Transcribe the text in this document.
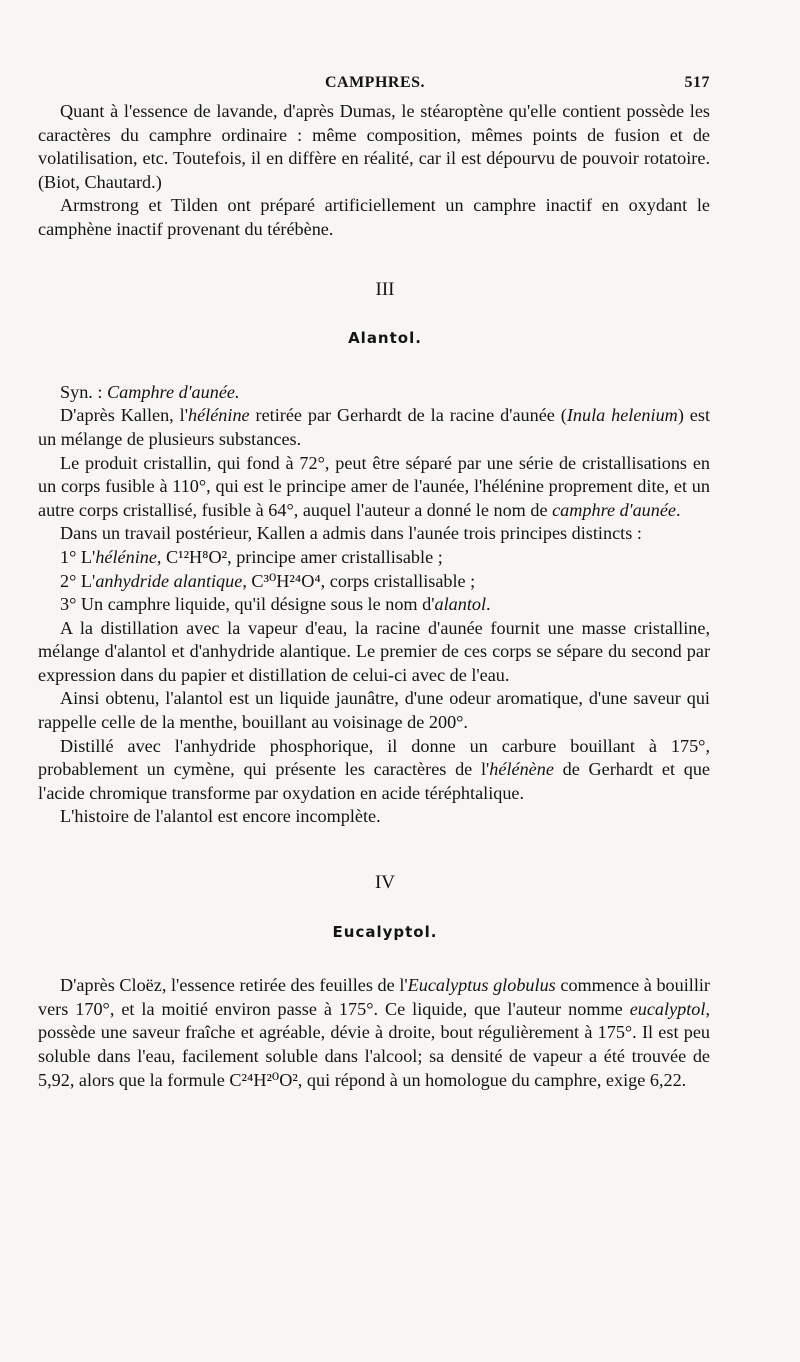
CAMPHRES.	517

Quant à l'essence de lavande, d'après Dumas, le stéaroptène qu'elle contient possède les caractères du camphre ordinaire : même composition, mêmes points de fusion et de volatilisation, etc. Toutefois, il en diffère en réalité, car il est dépourvu de pouvoir rotatoire. (Biot, Chautard.)

Armstrong et Tilden ont préparé artificiellement un camphre inactif en oxydant le camphène inactif provenant du térébène.

III

Alantol.

Syn. : Camphre d'aunée.

D'après Kallen, l'hélénine retirée par Gerhardt de la racine d'aunée (Inula helenium) est un mélange de plusieurs substances.

Le produit cristallin, qui fond à 72°, peut être séparé par une série de cristallisations en un corps fusible à 110°, qui est le principe amer de l'aunée, l'hélénine proprement dite, et un autre corps cristallisé, fusible à 64°, auquel l'auteur a donné le nom de camphre d'aunée.

Dans un travail postérieur, Kallen a admis dans l'aunée trois principes distincts :

1° L'hélénine, C¹²H⁸O², principe amer cristallisable ;

2° L'anhydride alantique, C³⁰H²⁴O⁴, corps cristallisable ;

3° Un camphre liquide, qu'il désigne sous le nom d'alantol.

A la distillation avec la vapeur d'eau, la racine d'aunée fournit une masse cristalline, mélange d'alantol et d'anhydride alantique. Le premier de ces corps se sépare du second par expression dans du papier et distillation de celui-ci avec de l'eau.

Ainsi obtenu, l'alantol est un liquide jaunâtre, d'une odeur aromatique, d'une saveur qui rappelle celle de la menthe, bouillant au voisinage de 200°.

Distillé avec l'anhydride phosphorique, il donne un carbure bouillant à 175°, probablement un cymène, qui présente les caractères de l'hélénène de Gerhardt et que l'acide chromique transforme par oxydation en acide téréphtalique.

L'histoire de l'alantol est encore incomplète.

IV

Eucalyptol.

D'après Cloëz, l'essence retirée des feuilles de l'Eucalyptus globulus commence à bouillir vers 170°, et la moitié environ passe à 175°. Ce liquide, que l'auteur nomme eucalyptol, possède une saveur fraîche et agréable, dévie à droite, bout régulièrement à 175°. Il est peu soluble dans l'eau, facilement soluble dans l'alcool; sa densité de vapeur a été trouvée de 5,92, alors que la formule C²⁴H²⁰O², qui répond à un homologue du camphre, exige 6,22.
